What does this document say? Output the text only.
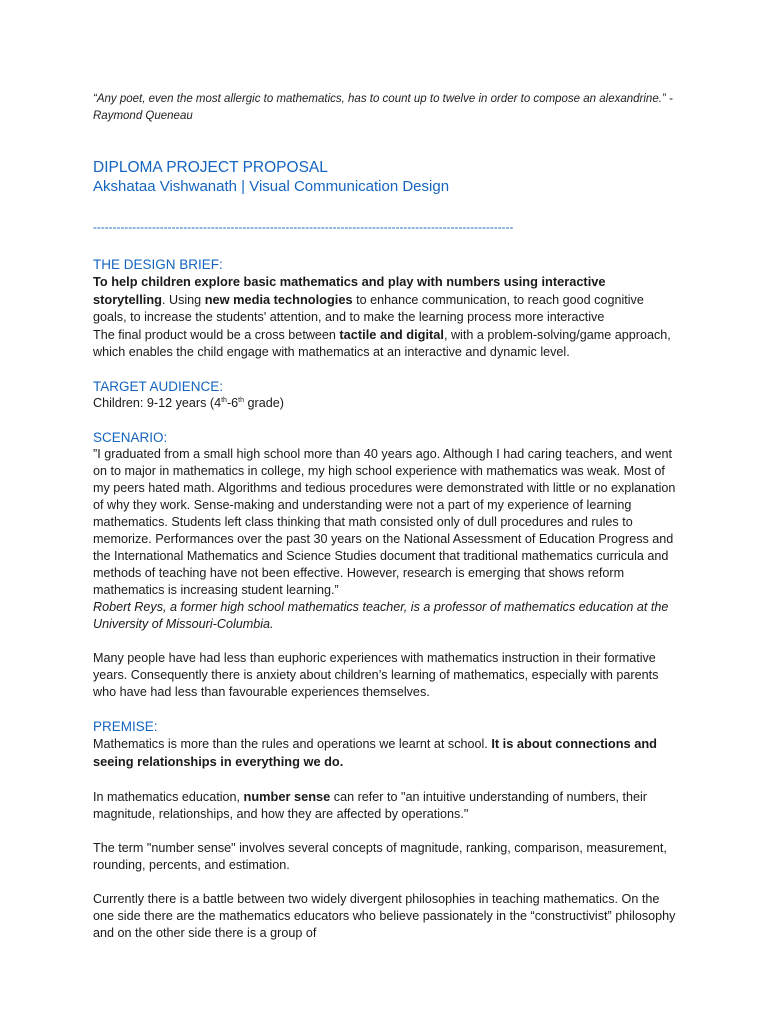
“Any poet, even the most allergic to mathematics, has to count up to twelve in order to compose an alexandrine.” -Raymond Queneau

DIPLOMA PROJECT PROPOSAL
Akshataa Vishwanath | Visual Communication Design
-----------------------------------------------------------------------------------------------------------
THE DESIGN BRIEF:

To help children explore basic mathematics and play with numbers using interactive storytelling. Using new media technologies to enhance communication, to reach good cognitive goals, to increase the students' attention, and to make the learning process more interactive

The final product would be a cross between tactile and digital, with a problem-solving/game approach, which enables the child engage with mathematics at an interactive and dynamic level.

TARGET AUDIENCE:

Children: 9-12 years (4th-6th grade)

SCENARIO:

”I graduated from a small high school more than 40 years ago. Although I had caring teachers, and went on to major in mathematics in college, my high school experience with mathematics was weak. Most of my peers hated math. Algorithms and tedious procedures were demonstrated with little or no explanation of why they work. Sense-making and understanding were not a part of my experience of learning mathematics. Students left class thinking that math consisted only of dull procedures and rules to memorize. Performances over the past 30 years on the National Assessment of Education Progress and the International Mathematics and Science Studies document that traditional mathematics curricula and methods of teaching have not been effective. However, research is emerging that shows reform mathematics is increasing student learning.”

Robert Reys, a former high school mathematics teacher, is a professor of mathematics education at the University of Missouri-Columbia.

Many people have had less than euphoric experiences with mathematics instruction in their formative years. Consequently there is anxiety about children’s learning of mathematics, especially with parents who have had less than favourable experiences themselves.

PREMISE:

Mathematics is more than the rules and operations we learnt at school. It is about connections and seeing relationships in everything we do.

In mathematics education, number sense can refer to "an intuitive understanding of numbers, their magnitude, relationships, and how they are affected by operations."

The term "number sense" involves several concepts of magnitude, ranking, comparison, measurement, rounding, percents, and estimation.

Currently there is a battle between two widely divergent philosophies in teaching mathematics. On the one side there are the mathematics educators who believe passionately in the “constructivist” philosophy and on the other side there is a group of
